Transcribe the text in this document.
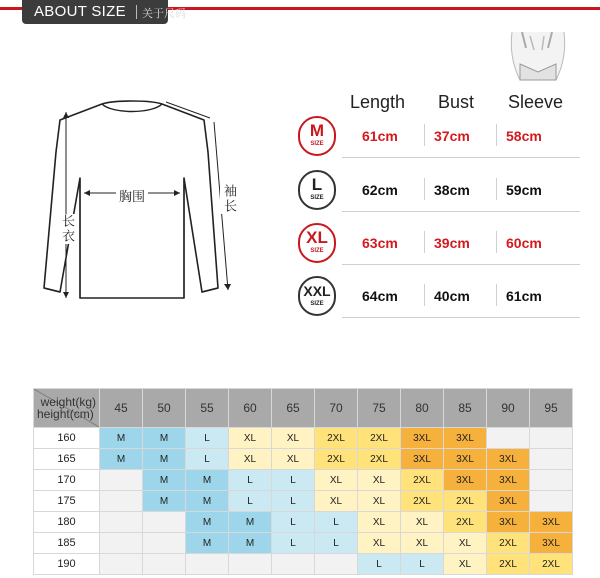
ABOUT SIZE 关于尺码
胸围
长衣
袖长
Length Bust Sleeve
M
SIZE	61cm	37cm	58cm
L
SIZE	62cm	38cm	59cm
XL
SIZE	63cm	39cm	60cm
XXL
SIZE	64cm	40cm	61cm
weight(kg)
height(cm)	45	50	55	60	65	70	75	80	85	90	95
160	M	M	L	XL	XL	2XL	2XL	3XL	3XL		
165	M	M	L	XL	XL	2XL	2XL	3XL	3XL	3XL	
170		M	M	L	L	XL	XL	2XL	3XL	3XL	
175		M	M	L	L	XL	XL	2XL	2XL	3XL	
180			M	M	L	L	XL	XL	2XL	3XL	3XL
185			M	M	L	L	XL	XL	XL	2XL	3XL
190							L	L	XL	2XL	2XL
